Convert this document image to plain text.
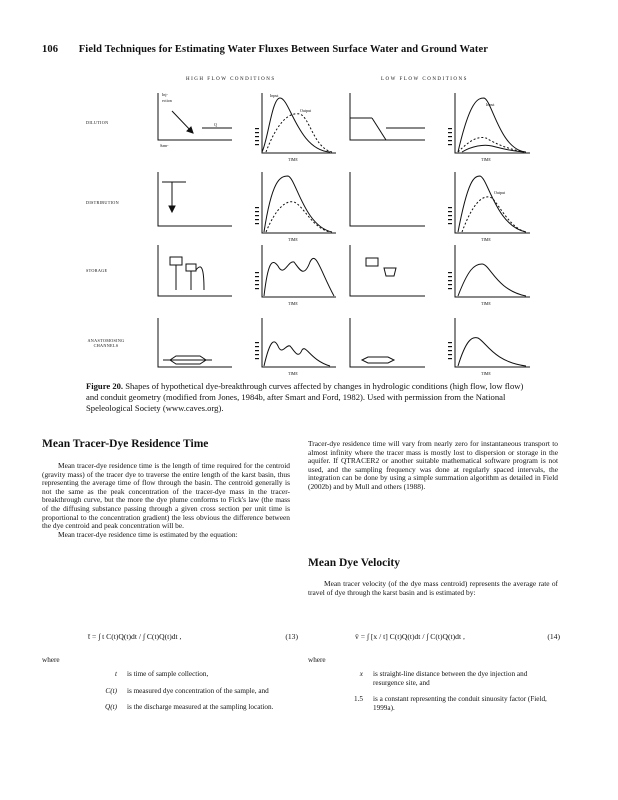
106 Field Techniques for Estimating Water Fluxes Between Surface Water and Ground Water
HIGH FLOW CONDITIONS	LOW FLOW CONDITIONS
DILUTION
DISTRIBUTION
STORAGE
ANASTOMOSING CHANNELS
Inj-
ection
Sam-
Q
Input
Output
TIME	TIME
TIME	TIME
TIME	TIME
TIME	TIME
Input
Output
Figure 20. Shapes of hypothetical dye-breakthrough curves affected by changes in hydrologic conditions (high flow, low flow) and conduit geometry (modified from Jones, 1984b, after Smart and Ford, 1982). Used with permission from the National Speleological Society (www.caves.org).
Mean Tracer-Dye Residence Time

Mean tracer-dye residence time is the length of time required for the centroid (gravity mass) of the tracer dye to traverse the entire length of the karst basin, thus representing the average time of flow through the basin. The centroid generally is not the same as the peak concentration of the tracer-dye mass in the tracer-breakthrough curve, but the more the dye plume conforms to Fick's law (the mass of the diffusing substance passing through a given cross section per unit time is proportional to the concentration gradient) the less obvious the difference between the dye centroid and peak concentration will be.

Mean tracer-dye residence time is estimated by the equation:

t̄ = ∫ t C(t)Q(t)dt / ∫ C(t)Q(t)dt ,	(13)
where
t	is time of sample collection,
C(t)	is measured dye concentration of the sample, and
Q(t)	is the discharge measured at the sampling location.

Tracer-dye residence time will vary from nearly zero for instantaneous transport to almost infinity where the tracer mass is mostly lost to dispersion or storage in the aquifer. If QTRACER2 or another suitable mathematical software program is not used, and the sampling frequency was done at regularly spaced intervals, the integration can be done by using a simple summation algorithm as detailed in Field (2002b) and by Mull and others (1988).

Mean Dye Velocity

Mean tracer velocity (of the dye mass centroid) represents the average rate of travel of dye through the karst basin and is estimated by:

v̄ = ∫ [x / t] C(t)Q(t)dt / ∫ C(t)Q(t)dt ,	(14)
where
x	is straight-line distance between the dye injection and resurgence site, and
1.5	is a constant representing the conduit sinuosity factor (Field, 1999a).
